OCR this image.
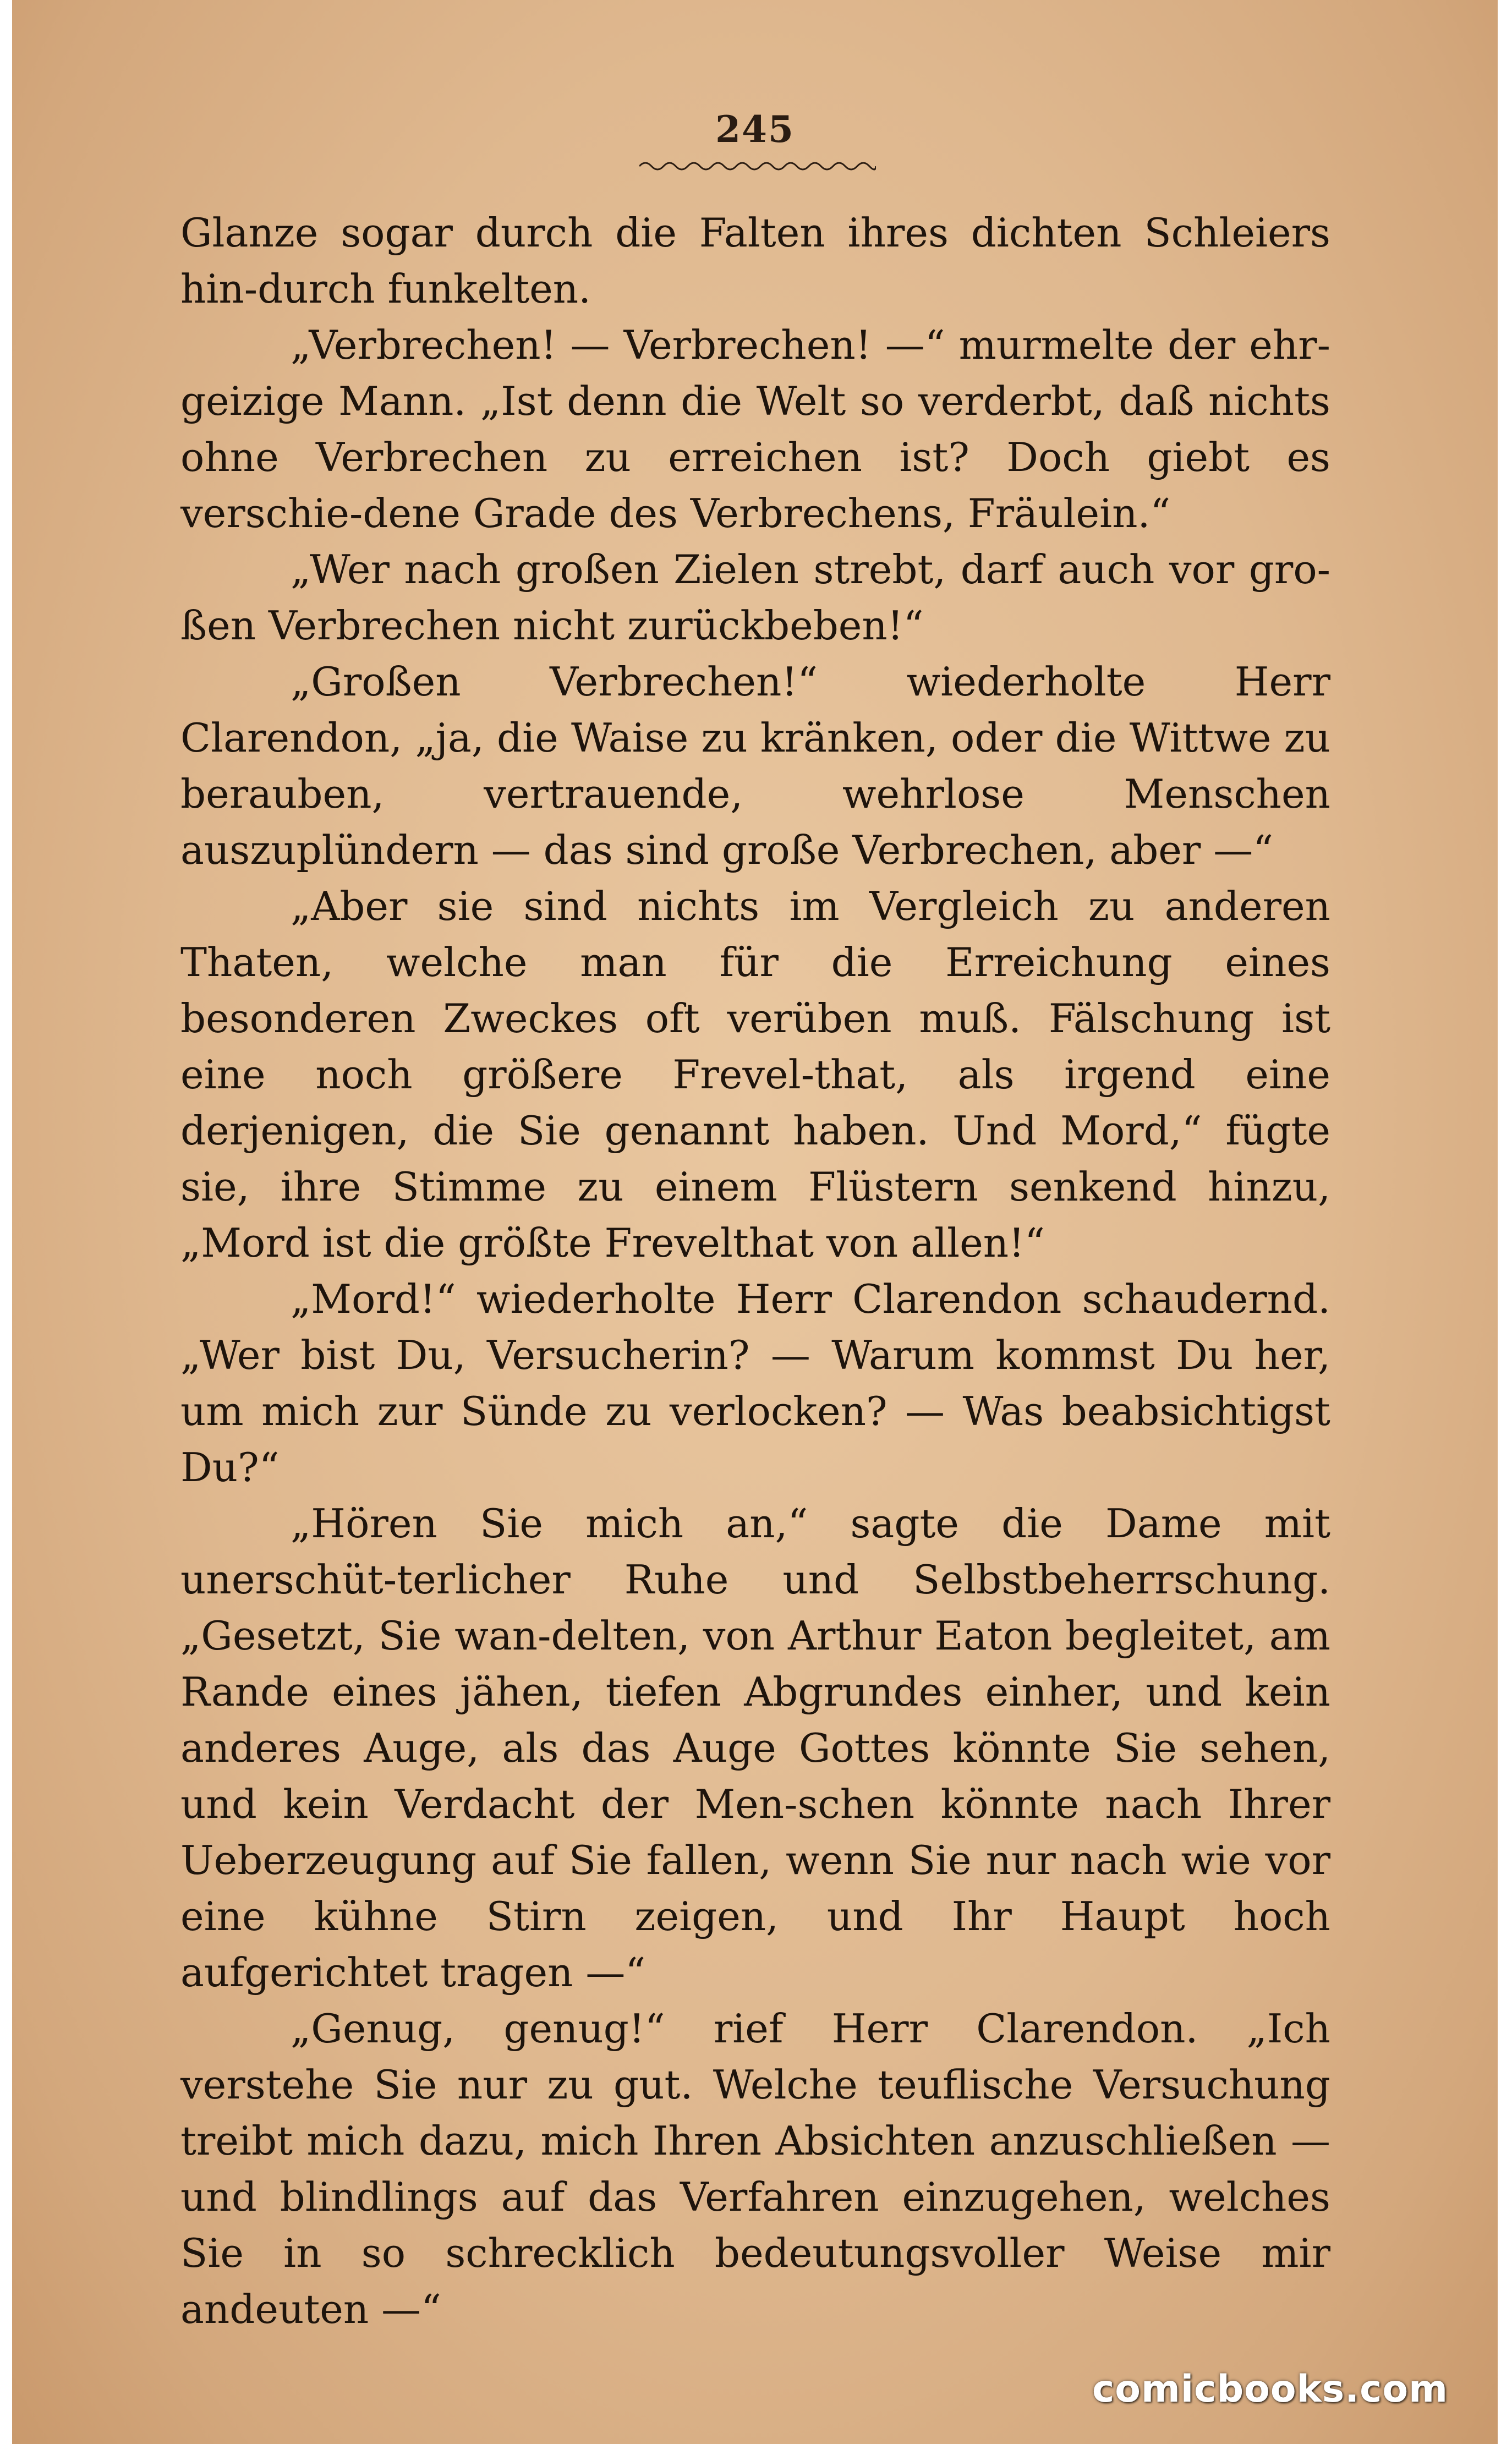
245

Glanze sogar durch die Falten ihres dichten Schleiers hin-durch funkelten.

„Verbrechen! — Verbrechen! —“ murmelte der ehr-geizige Mann. „Ist denn die Welt so verderbt, daß nichts ohne Verbrechen zu erreichen ist? Doch giebt es verschie-dene Grade des Verbrechens, Fräulein.“

„Wer nach großen Zielen strebt, darf auch vor gro-ßen Verbrechen nicht zurückbeben!“

„Großen Verbrechen!“ wiederholte Herr Clarendon, „ja, die Waise zu kränken, oder die Wittwe zu berauben, vertrauende, wehrlose Menschen auszuplündern — das sind große Verbrechen, aber —“

„Aber sie sind nichts im Vergleich zu anderen Thaten, welche man für die Erreichung eines besonderen Zweckes oft verüben muß. Fälschung ist eine noch größere Frevel-that, als irgend eine derjenigen, die Sie genannt haben. Und Mord,“ fügte sie, ihre Stimme zu einem Flüstern senkend hinzu, „Mord ist die größte Frevelthat von allen!“

„Mord!“ wiederholte Herr Clarendon schaudernd. „Wer bist Du, Versucherin? — Warum kommst Du her, um mich zur Sünde zu verlocken? — Was beabsichtigst Du?“

„Hören Sie mich an,“ sagte die Dame mit unerschüt-terlicher Ruhe und Selbstbeherrschung. „Gesetzt, Sie wan-delten, von Arthur Eaton begleitet, am Rande eines jähen, tiefen Abgrundes einher, und kein anderes Auge, als das Auge Gottes könnte Sie sehen, und kein Verdacht der Men-schen könnte nach Ihrer Ueberzeugung auf Sie fallen, wenn Sie nur nach wie vor eine kühne Stirn zeigen, und Ihr Haupt hoch aufgerichtet tragen —“

„Genug, genug!“ rief Herr Clarendon. „Ich verstehe Sie nur zu gut. Welche teuflische Versuchung treibt mich dazu, mich Ihren Absichten anzuschließen — und blindlings auf das Verfahren einzugehen, welches Sie in so schrecklich bedeutungsvoller Weise mir andeuten —“

comicbooks.com
